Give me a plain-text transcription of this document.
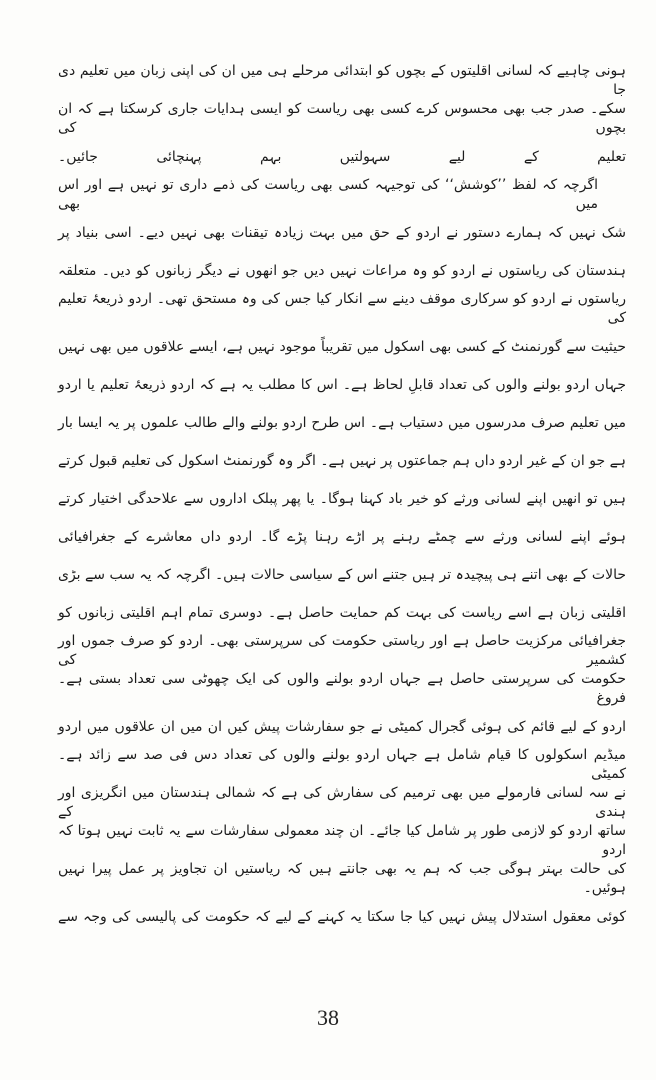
ہونی چاہیے کہ لسانی اقلیتوں کے بچوں کو ابتدائی مرحلے ہی میں ان کی اپنی زبان میں تعلیم دی جا
سکے۔ صدر جب بھی محسوس کرے کسی بھی ریاست کو ایسی ہدایات جاری کرسکتا ہے کہ ان بچوں کی
تعلیم کے لیے سہولتیں بہم پہنچائی جائیں۔
اگرچہ کہ لفظ ’’کوشش‘‘ کی توجیہہ کسی بھی ریاست کی ذمے داری تو نہیں ہے اور اس میں بھی
شک نہیں کہ ہمارے دستور نے اردو کے حق میں بہت زیادہ تیقنات بھی نہیں دیے۔ اسی بنیاد پر
ہندستان کی ریاستوں نے اردو کو وہ مراعات نہیں دیں جو انھوں نے دیگر زبانوں کو دیں۔ متعلقہ
ریاستوں نے اردو کو سرکاری موقف دینے سے انکار کیا جس کی وہ مستحق تھی۔ اردو ذریعۂ تعلیم کی
حیثیت سے گورنمنٹ کے کسی بھی اسکول میں تقریباً موجود نہیں ہے، ایسے علاقوں میں بھی نہیں
جہاں اردو بولنے والوں کی تعداد قابلِ لحاظ ہے۔ اس کا مطلب یہ ہے کہ اردو ذریعۂ تعلیم یا اردو
میں تعلیم صرف مدرسوں میں دستیاب ہے۔ اس طرح اردو بولنے والے طالب علموں پر یہ ایسا بار
ہے جو ان کے غیر اردو داں ہم جماعتوں پر نہیں ہے۔ اگر وہ گورنمنٹ اسکول کی تعلیم قبول کرتے
ہیں تو انھیں اپنے لسانی ورثے کو خیر باد کہنا ہوگا۔ یا پھر پبلک اداروں سے علاحدگی اختیار کرتے
ہوئے اپنے لسانی ورثے سے چمٹے رہنے پر اڑے رہنا پڑے گا۔ اردو داں معاشرے کے جغرافیائی
حالات کے بھی اتنے ہی پیچیدہ تر ہیں جتنے اس کے سیاسی حالات ہیں۔ اگرچہ کہ یہ سب سے بڑی
اقلیتی زبان ہے اسے ریاست کی بہت کم حمایت حاصل ہے۔ دوسری تمام اہم اقلیتی زبانوں کو
جغرافیائی مرکزیت حاصل ہے اور ریاستی حکومت کی سرپرستی بھی۔ اردو کو صرف جموں اور کشمیر کی
حکومت کی سرپرستی حاصل ہے جہاں اردو بولنے والوں کی ایک چھوٹی سی تعداد بستی ہے۔ فروغ
اردو کے لیے قائم کی ہوئی گجرال کمیٹی نے جو سفارشات پیش کیں ان میں ان علاقوں میں اردو
میڈیم اسکولوں کا قیام شامل ہے جہاں اردو بولنے والوں کی تعداد دس فی صد سے زائد ہے۔ کمیٹی
نے سہ لسانی فارمولے میں بھی ترمیم کی سفارش کی ہے کہ شمالی ہندستان میں انگریزی اور ہندی کے
ساتھ اردو کو لازمی طور پر شامل کیا جائے۔ ان چند معمولی سفارشات سے یہ ثابت نہیں ہوتا کہ اردو
کی حالت بہتر ہوگی جب کہ ہم یہ بھی جانتے ہیں کہ ریاستیں ان تجاویز پر عمل پیرا نہیں ہوئیں۔
کوئی معقول استدلال پیش نہیں کیا جا سکتا یہ کہنے کے لیے کہ حکومت کی پالیسی کی وجہ سے
38
